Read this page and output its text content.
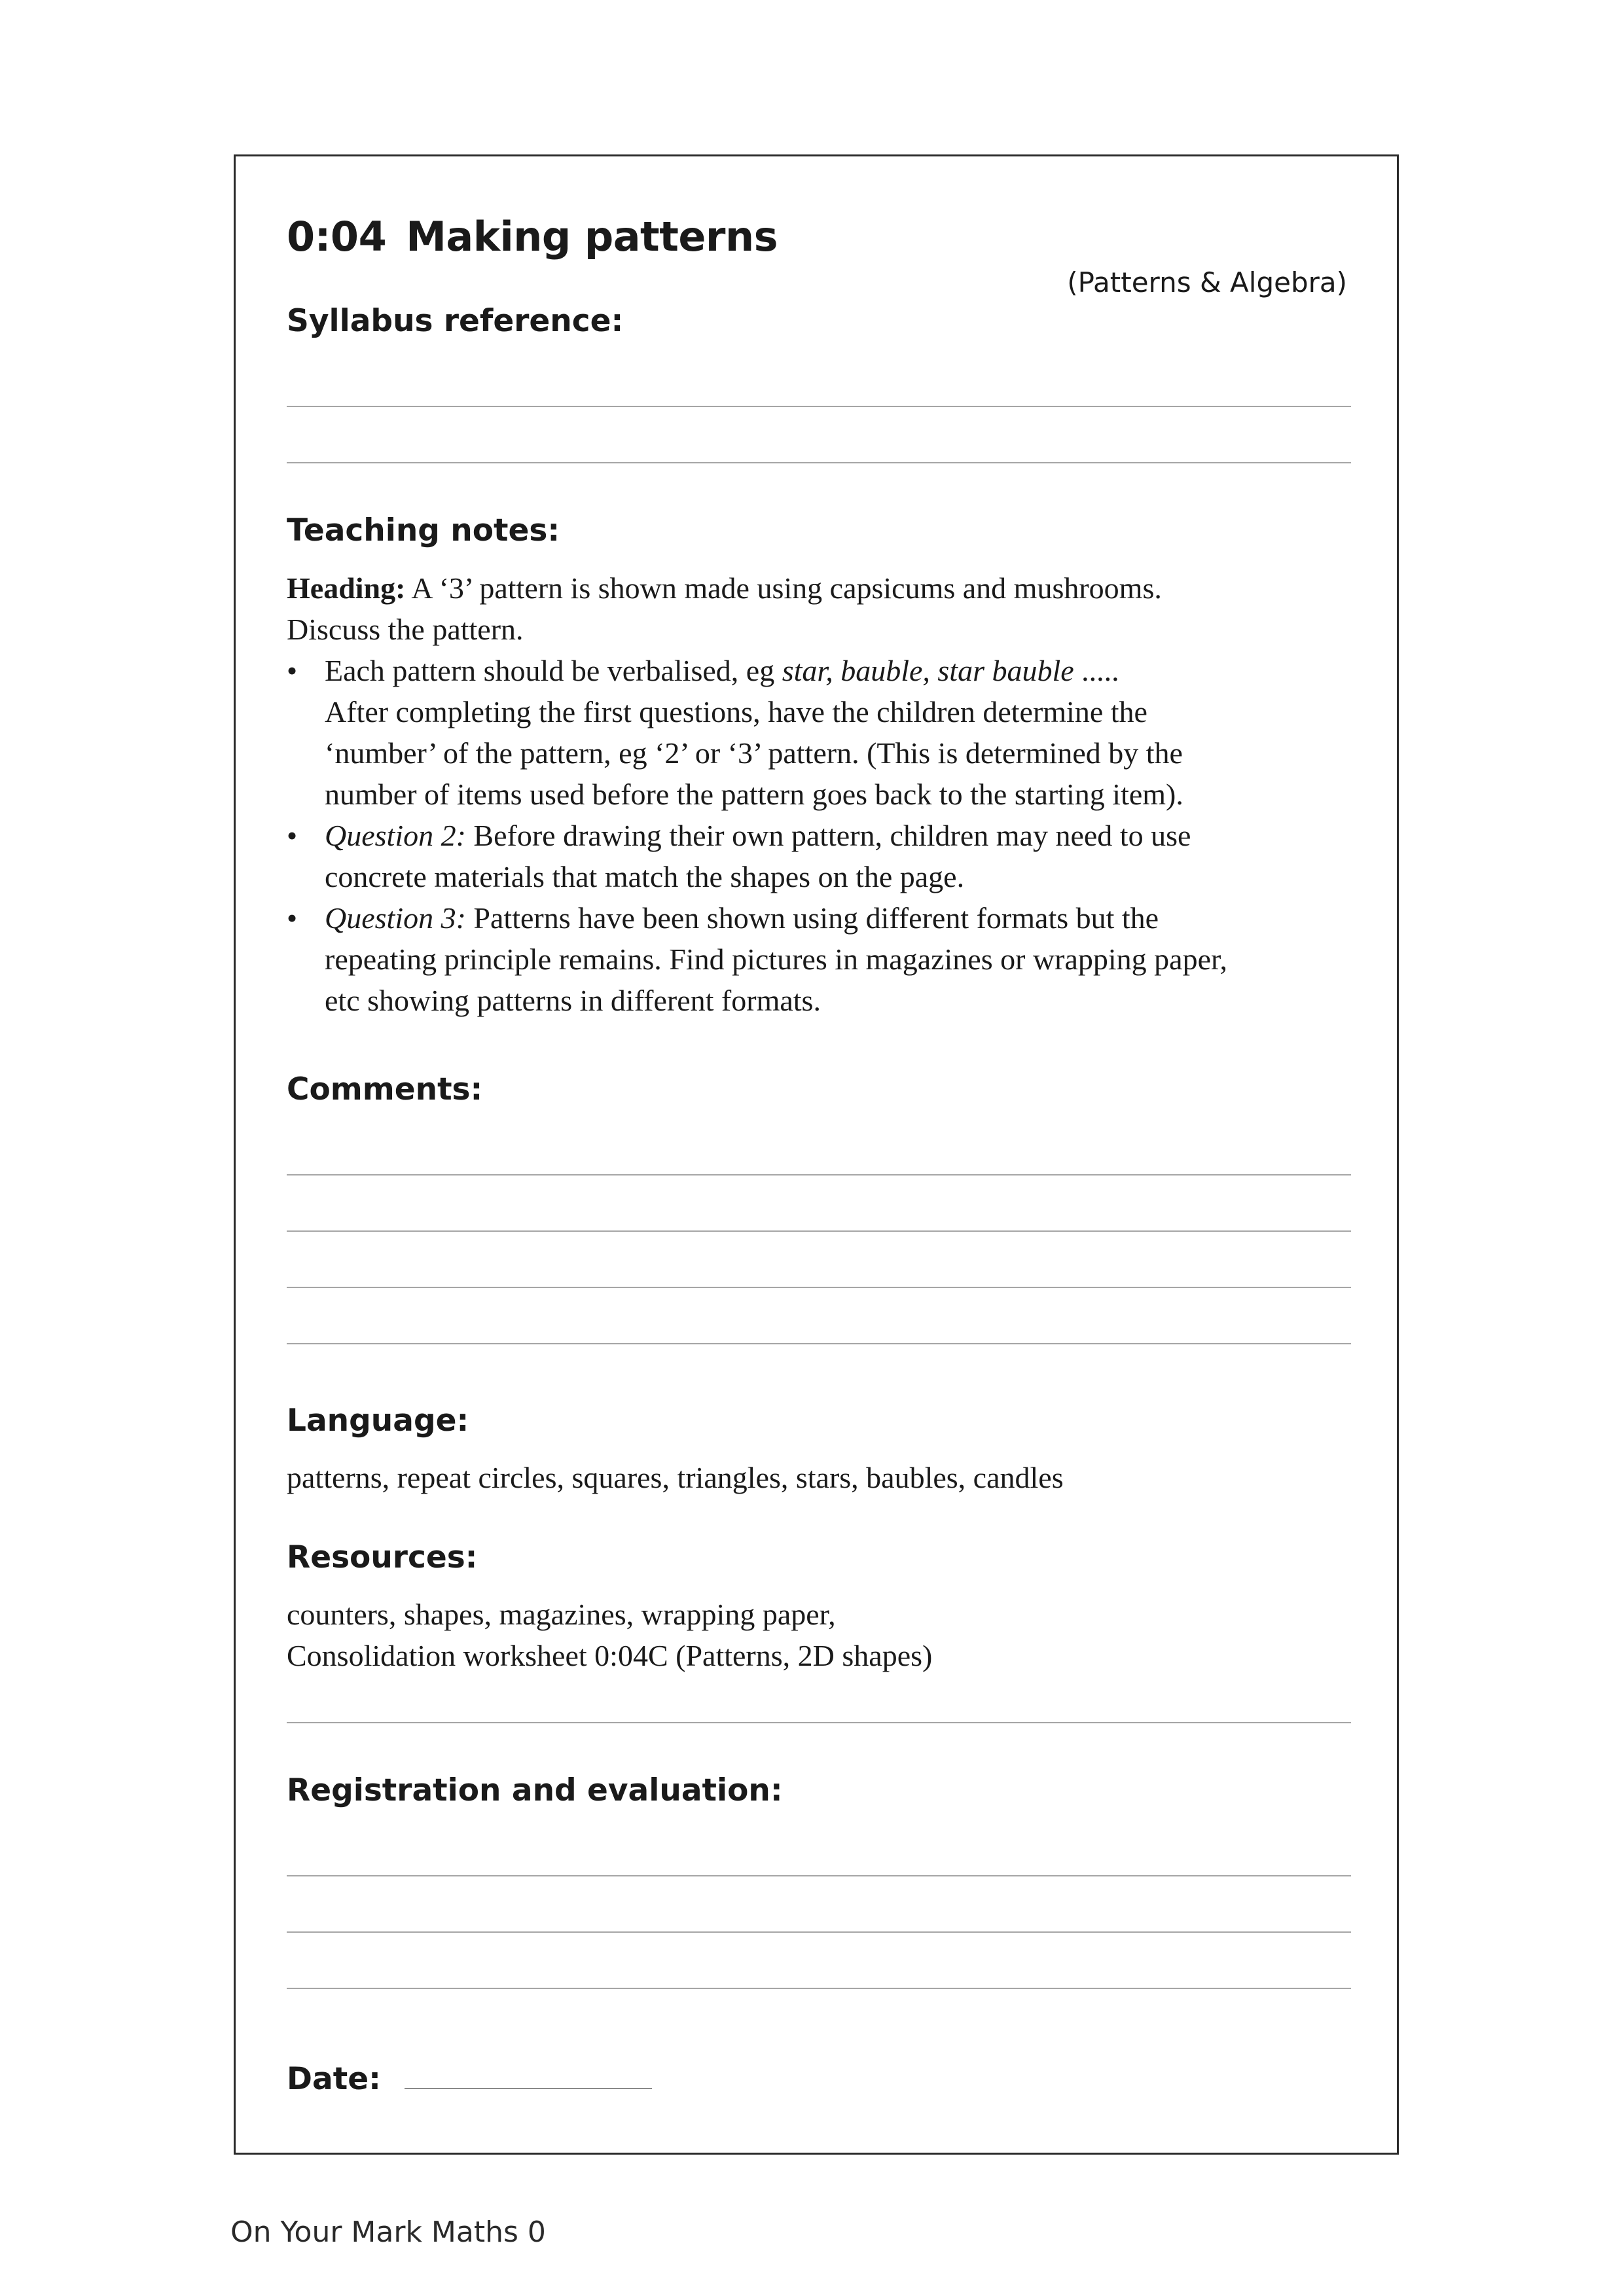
0:04 Making patterns
(Patterns & Algebra)
Syllabus reference:
Teaching notes:

Heading: A ‘3’ pattern is shown made using capsicums and mushrooms.

Discuss the pattern.

• Each pattern should be verbalised, eg star, bauble, star bauble .....
After completing the first questions, have the children determine the
‘number’ of the pattern, eg ‘2’ or ‘3’ pattern. (This is determined by the
number of items used before the pattern goes back to the starting item).
• Question 2: Before drawing their own pattern, children may need to use
concrete materials that match the shapes on the page.
• Question 3: Patterns have been shown using different formats but the
repeating principle remains. Find pictures in magazines or wrapping paper,
etc showing patterns in different formats.
Comments:
Language:
patterns, repeat circles, squares, triangles, stars, baubles, candles
Resources:
counters, shapes, magazines, wrapping paper,
Consolidation worksheet 0:04C (Patterns, 2D shapes)
Registration and evaluation:
Date:
On Your Mark Maths 0
